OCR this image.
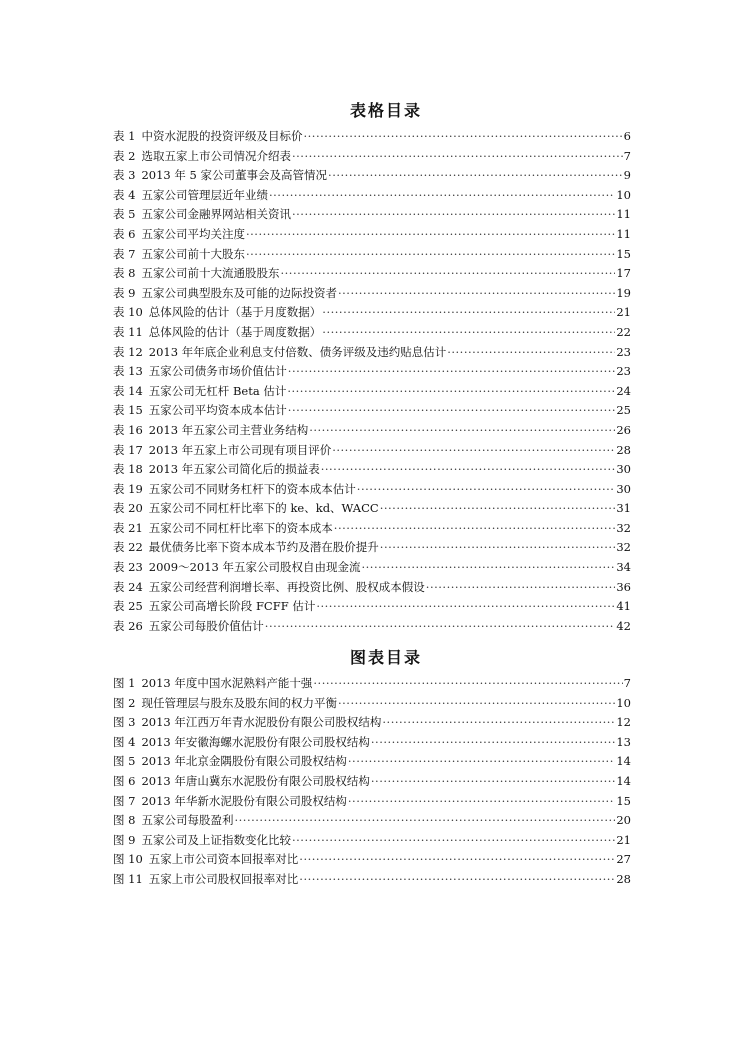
表格目录
表 1 中资水泥股的投资评级及目标价 ·····	6
表 2 选取五家上市公司情况介绍表 ·····	7
表 3 2013 年 5 家公司董事会及高管情况 ·····	9
表 4 五家公司管理层近年业绩 ·····	10
表 5 五家公司金融界网站相关资讯 ·····	11
表 6 五家公司平均关注度 ·····	11
表 7 五家公司前十大股东 ·····	15
表 8 五家公司前十大流通股股东 ·····	17
表 9 五家公司典型股东及可能的边际投资者 ·····	19
表 10 总体风险的估计（基于月度数据） ·····	21
表 11 总体风险的估计（基于周度数据） ·····	22
表 12 2013 年年底企业利息支付倍数、债务评级及违约贴息估计 ·····	23
表 13 五家公司债务市场价值估计 ·····	23
表 14 五家公司无杠杆 Beta 估计 ·····	24
表 15 五家公司平均资本成本估计 ·····	25
表 16 2013 年五家公司主营业务结构 ·····	26
表 17 2013 年五家上市公司现有项目评价 ·····	28
表 18 2013 年五家公司简化后的损益表 ·····	30
表 19 五家公司不同财务杠杆下的资本成本估计 ·····	30
表 20 五家公司不同杠杆比率下的 ke、kd、WACC ·····	31
表 21 五家公司不同杠杆比率下的资本成本 ·····	32
表 22 最优债务比率下资本成本节约及潜在股价提升 ·····	32
表 23 2009～2013 年五家公司股权自由现金流 ·····	34
表 24 五家公司经营利润增长率、再投资比例、股权成本假设 ·····	36
表 25 五家公司高增长阶段 FCFF 估计 ·····	41
表 26 五家公司每股价值估计 ·····	42
图表目录
图 1 2013 年度中国水泥熟料产能十强 ·····	7
图 2 现任管理层与股东及股东间的权力平衡 ·····	10
图 3 2013 年江西万年青水泥股份有限公司股权结构 ·····	12
图 4 2013 年安徽海螺水泥股份有限公司股权结构 ·····	13
图 5 2013 年北京金隅股份有限公司股权结构 ·····	14
图 6 2013 年唐山冀东水泥股份有限公司股权结构 ·····	14
图 7 2013 年华新水泥股份有限公司股权结构 ·····	15
图 8 五家公司每股盈利 ·····	20
图 9 五家公司及上证指数变化比较 ·····	21
图 10 五家上市公司资本回报率对比 ·····	27
图 11 五家上市公司股权回报率对比 ·····	28
